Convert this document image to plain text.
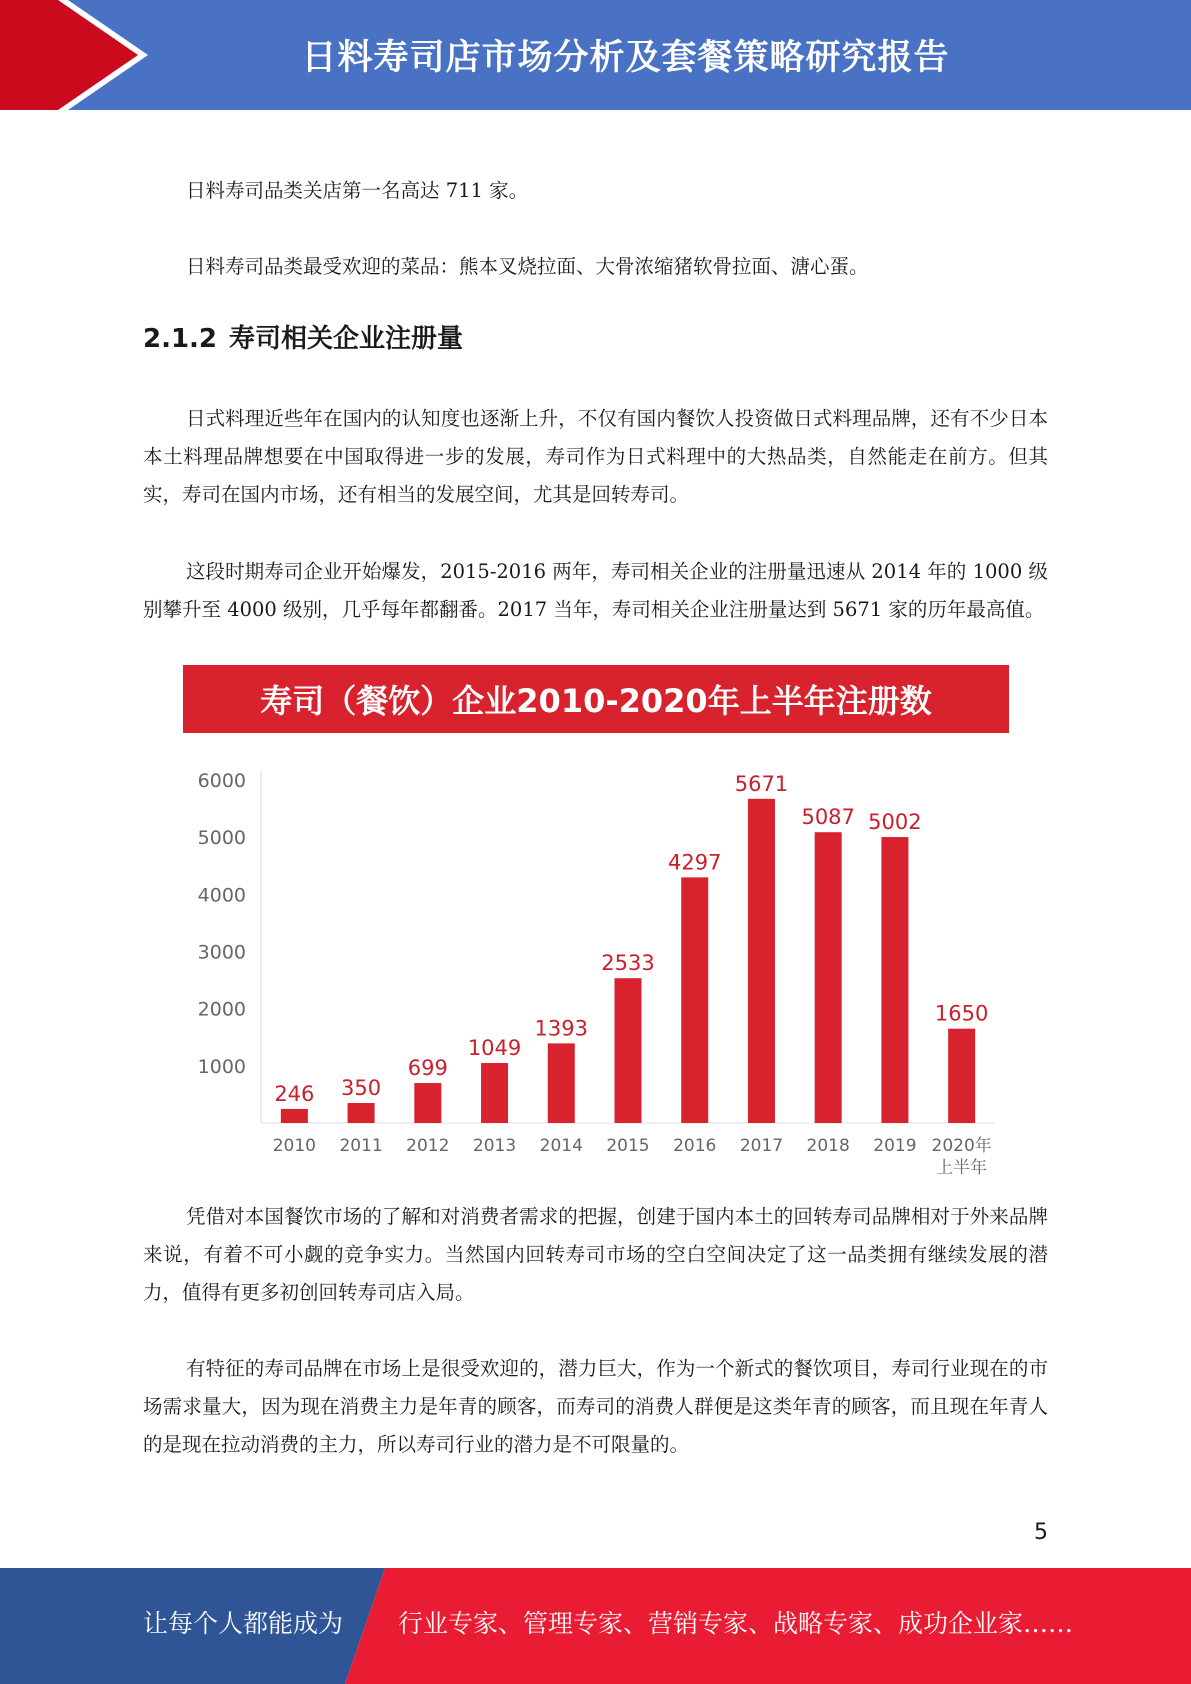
日料寿司店市场分析及套餐策略研究报告

日料寿司品类关店第一名高达 711 家。

日料寿司品类最受欢迎的菜品：熊本叉烧拉面、大骨浓缩猪软骨拉面、溏心蛋。

2.1.2 寿司相关企业注册量

日式料理近些年在国内的认知度也逐渐上升，不仅有国内餐饮人投资做日式料理品牌，还有不少日本本土料理品牌想要在中国取得进一步的发展，寿司作为日式料理中的大热品类，自然能走在前方。但其实，寿司在国内市场，还有相当的发展空间，尤其是回转寿司。

这段时期寿司企业开始爆发，2015-2016 两年，寿司相关企业的注册量迅速从 2014 年的 1000 级别攀升至 4000 级别，几乎每年都翻番。2017 当年，寿司相关企业注册量达到 5671 家的历年最高值。

寿司（餐饮）企业2010-2020年上半年注册数
1000
2000
3000
4000
5000
6000
246
2010
350
2011
699
2012
1049
2013
1393
2014
2533
2015
4297
2016
5671
2017
5087
2018
5002
2019
1650
2020年
上半年

凭借对本国餐饮市场的了解和对消费者需求的把握，创建于国内本土的回转寿司品牌相对于外来品牌来说，有着不可小觑的竞争实力。当然国内回转寿司市场的空白空间决定了这一品类拥有继续发展的潜力，值得有更多初创回转寿司店入局。

有特征的寿司品牌在市场上是很受欢迎的，潜力巨大，作为一个新式的餐饮项目，寿司行业现在的市场需求量大，因为现在消费主力是年青的顾客，而寿司的消费人群便是这类年青的顾客，而且现在年青人的是现在拉动消费的主力，所以寿司行业的潜力是不可限量的。

5
让每个人都能成为 行业专家、管理专家、营销专家、战略专家、成功企业家……
